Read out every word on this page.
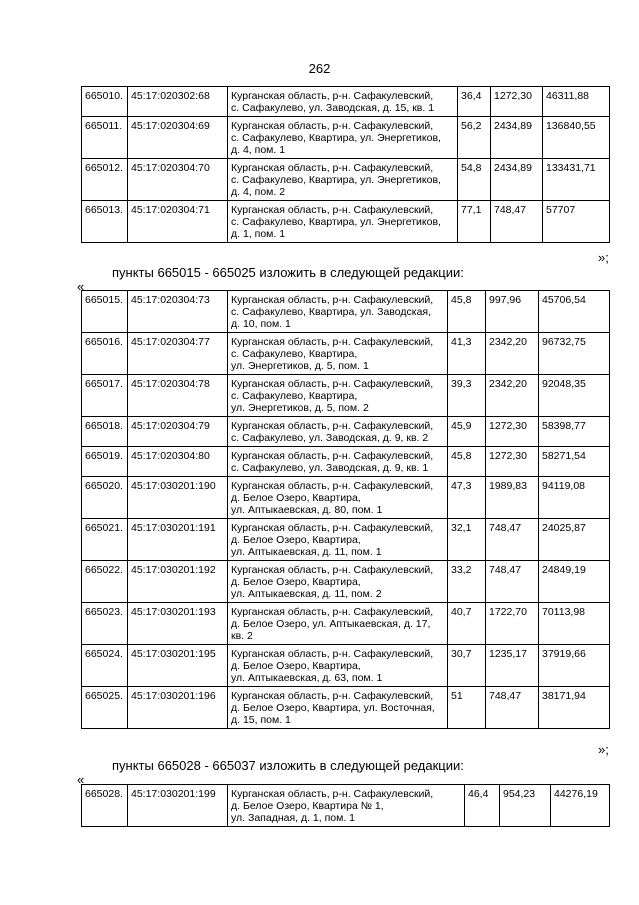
262
665010.	45:17:020302:68	Курганская область, р-н. Сафакулевский,
с. Сафакулево, ул. Заводская, д. 15, кв. 1	36,4	1272,30	46311,88
665011.	45:17:020304:69	Курганская область, р-н. Сафакулевский,
с. Сафакулево, Квартира, ул. Энергетиков,
д. 4, пом. 1	56,2	2434,89	136840,55
665012.	45:17:020304:70	Курганская область, р-н. Сафакулевский,
с. Сафакулево, Квартира, ул. Энергетиков,
д. 4, пом. 2	54,8	2434,89	133431,71
665013.	45:17:020304:71	Курганская область, р-н. Сафакулевский,
с. Сафакулево, Квартира, ул. Энергетиков,
д. 1, пом. 1	77,1	748,47	57707
»;
пункты 665015 - 665025 изложить в следующей редакции:
«
665015.	45:17:020304:73	Курганская область, р-н. Сафакулевский,
с. Сафакулево, Квартира, ул. Заводская,
д. 10, пом. 1	45,8	997,96	45706,54
665016.	45:17:020304:77	Курганская область, р-н. Сафакулевский,
с. Сафакулево, Квартира,
ул. Энергетиков, д. 5, пом. 1	41,3	2342,20	96732,75
665017.	45:17:020304:78	Курганская область, р-н. Сафакулевский,
с. Сафакулево, Квартира,
ул. Энергетиков, д. 5, пом. 2	39,3	2342,20	92048,35
665018.	45:17:020304:79	Курганская область, р-н. Сафакулевский,
с. Сафакулево, ул. Заводская, д. 9, кв. 2	45,9	1272,30	58398,77
665019.	45:17:020304:80	Курганская область, р-н. Сафакулевский,
с. Сафакулево, ул. Заводская, д. 9, кв. 1	45,8	1272,30	58271,54
665020.	45:17:030201:190	Курганская область, р-н. Сафакулевский,
д. Белое Озеро, Квартира,
ул. Аптыкаевская, д. 80, пом. 1	47,3	1989,83	94119,08
665021.	45:17:030201:191	Курганская область, р-н. Сафакулевский,
д. Белое Озеро, Квартира,
ул. Аптыкаевская, д. 11, пом. 1	32,1	748,47	24025,87
665022.	45:17:030201:192	Курганская область, р-н. Сафакулевский,
д. Белое Озеро, Квартира,
ул. Аптыкаевская, д. 11, пом. 2	33,2	748,47	24849,19
665023.	45:17:030201:193	Курганская область, р-н. Сафакулевский,
д. Белое Озеро, ул. Аптыкаевская, д. 17,
кв. 2	40,7	1722,70	70113,98
665024.	45:17:030201:195	Курганская область, р-н. Сафакулевский,
д. Белое Озеро, Квартира,
ул. Аптыкаевская, д. 63, пом. 1	30,7	1235,17	37919,66
665025.	45:17:030201:196	Курганская область, р-н. Сафакулевский,
д. Белое Озеро, Квартира, ул. Восточная,
д. 15, пом. 1	51	748,47	38171,94
»;
пункты 665028 - 665037 изложить в следующей редакции:
«
665028.	45:17:030201:199	Курганская область, р-н. Сафакулевский,
д. Белое Озеро, Квартира № 1,
ул. Западная, д. 1, пом. 1
	46,4	954,23	44276,19
